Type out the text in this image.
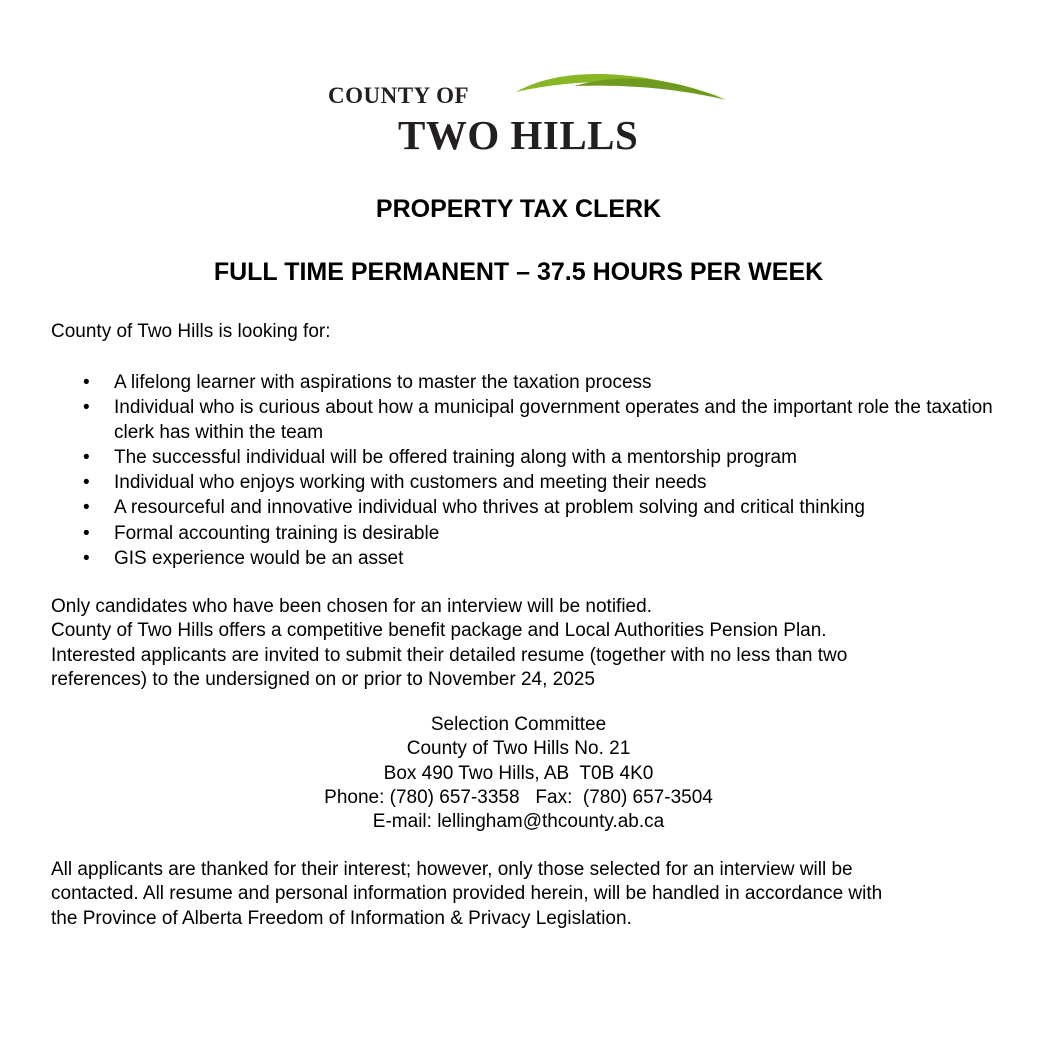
COUNTY OF
TWO HILLS
PROPERTY TAX CLERK
FULL TIME PERMANENT – 37.5 HOURS PER WEEK

County of Two Hills is looking for:

• A lifelong learner with aspirations to master the taxation process
• Individual who is curious about how a municipal government operates and the important role the taxation clerk has within the team
• The successful individual will be offered training along with a mentorship program
• Individual who enjoys working with customers and meeting their needs
• A resourceful and innovative individual who thrives at problem solving and critical thinking
• Formal accounting training is desirable
• GIS experience would be an asset

Only candidates who have been chosen for an interview will be notified.

County of Two Hills offers a competitive benefit package and Local Authorities Pension Plan.

Interested applicants are invited to submit their detailed resume (together with no less than two

references) to the undersigned on or prior to November 24, 2025

Selection Committee

County of Two Hills No. 21

Box 490 Two Hills, AB  T0B 4K0

Phone: (780) 657-3358   Fax:  (780) 657-3504

E-mail: lellingham@thcounty.ab.ca

All applicants are thanked for their interest; however, only those selected for an interview will be

contacted. All resume and personal information provided herein, will be handled in accordance with

the Province of Alberta Freedom of Information & Privacy Legislation.
